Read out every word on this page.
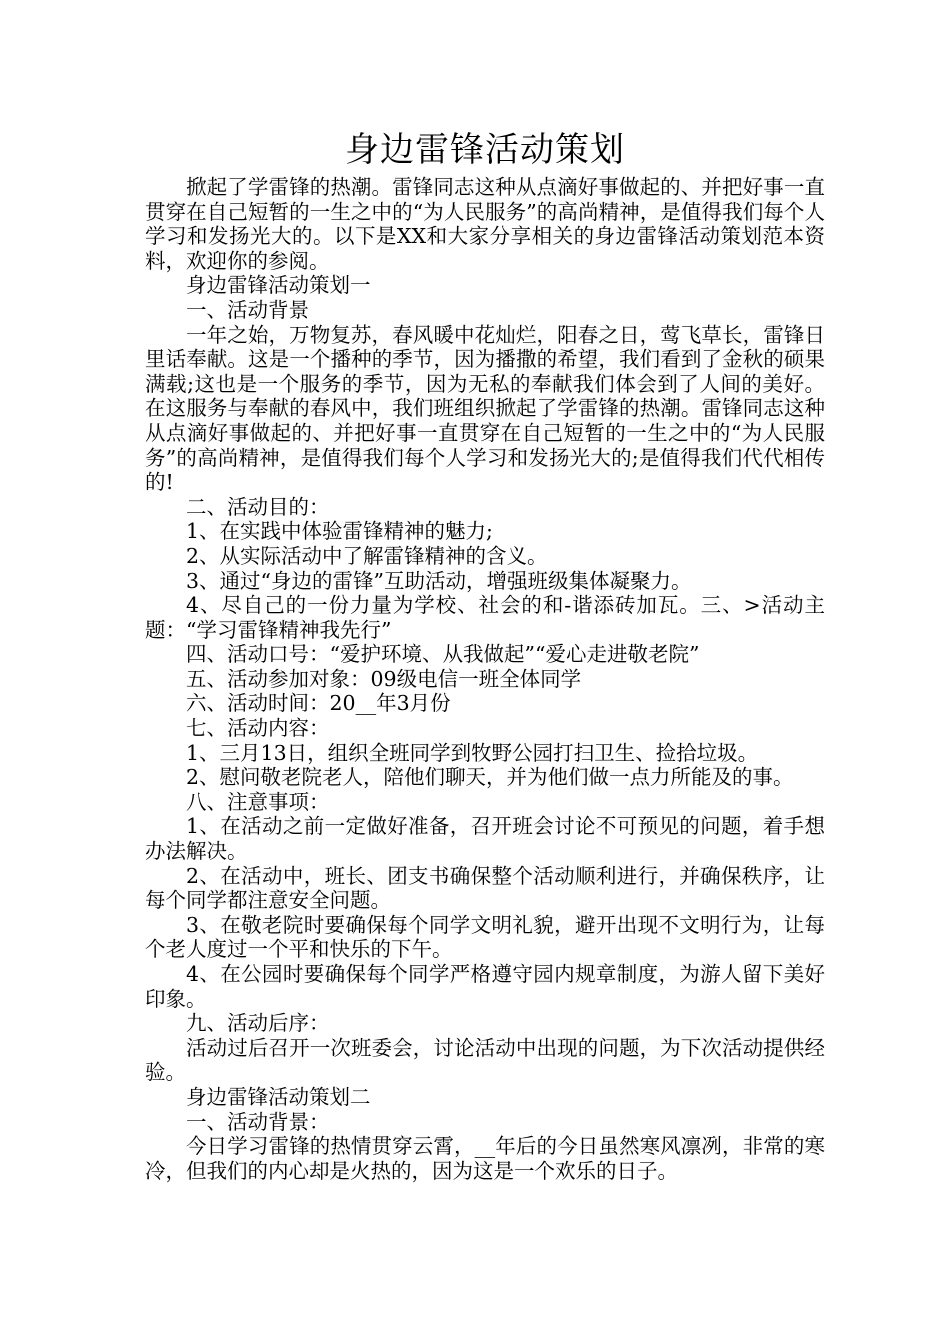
身边雷锋活动策划

掀起了学雷锋的热潮。雷锋同志这种从点滴好事做起的、并把好事一直贯穿在自己短暂的一生之中的“为人民服务”的高尚精神，是值得我们每个人学习和发扬光大的。以下是XX和大家分享相关的身边雷锋活动策划范本资料，欢迎你的参阅。

身边雷锋活动策划一

一、活动背景

一年之始，万物复苏，春风暖中花灿烂，阳春之日，莺飞草长，雷锋日里话奉献。这是一个播种的季节，因为播撒的希望，我们看到了金秋的硕果满载;这也是一个服务的季节，因为无私的奉献我们体会到了人间的美好。在这服务与奉献的春风中，我们班组织掀起了学雷锋的热潮。雷锋同志这种从点滴好事做起的、并把好事一直贯穿在自己短暂的一生之中的“为人民服务”的高尚精神，是值得我们每个人学习和发扬光大的;是值得我们代代相传的!

二、活动目的：

1、在实践中体验雷锋精神的魅力;

2、从实际活动中了解雷锋精神的含义。

3、通过“身边的雷锋”互助活动，增强班级集体凝聚力。

4、尽自己的一份力量为学校、社会的和-谐添砖加瓦。三、>活动主题：“学习雷锋精神我先行”

四、活动口号：“爱护环境、从我做起”“爱心走进敬老院”

五、活动参加对象：09级电信一班全体同学

六、活动时间：20__年3月份

七、活动内容：

1、三月13日，组织全班同学到牧野公园打扫卫生、捡拾垃圾。

2、慰问敬老院老人，陪他们聊天，并为他们做一点力所能及的事。

八、注意事项：

1、在活动之前一定做好准备，召开班会讨论不可预见的问题，着手想办法解决。

2、在活动中，班长、团支书确保整个活动顺利进行，并确保秩序，让每个同学都注意安全问题。

3、在敬老院时要确保每个同学文明礼貌，避开出现不文明行为，让每个老人度过一个平和快乐的下午。

4、在公园时要确保每个同学严格遵守园内规章制度，为游人留下美好印象。

九、活动后序：

活动过后召开一次班委会，讨论活动中出现的问题，为下次活动提供经验。

身边雷锋活动策划二

一、活动背景：

今日学习雷锋的热情贯穿云霄，__年后的今日虽然寒风凛冽，非常的寒冷，但我们的内心却是火热的，因为这是一个欢乐的日子。
